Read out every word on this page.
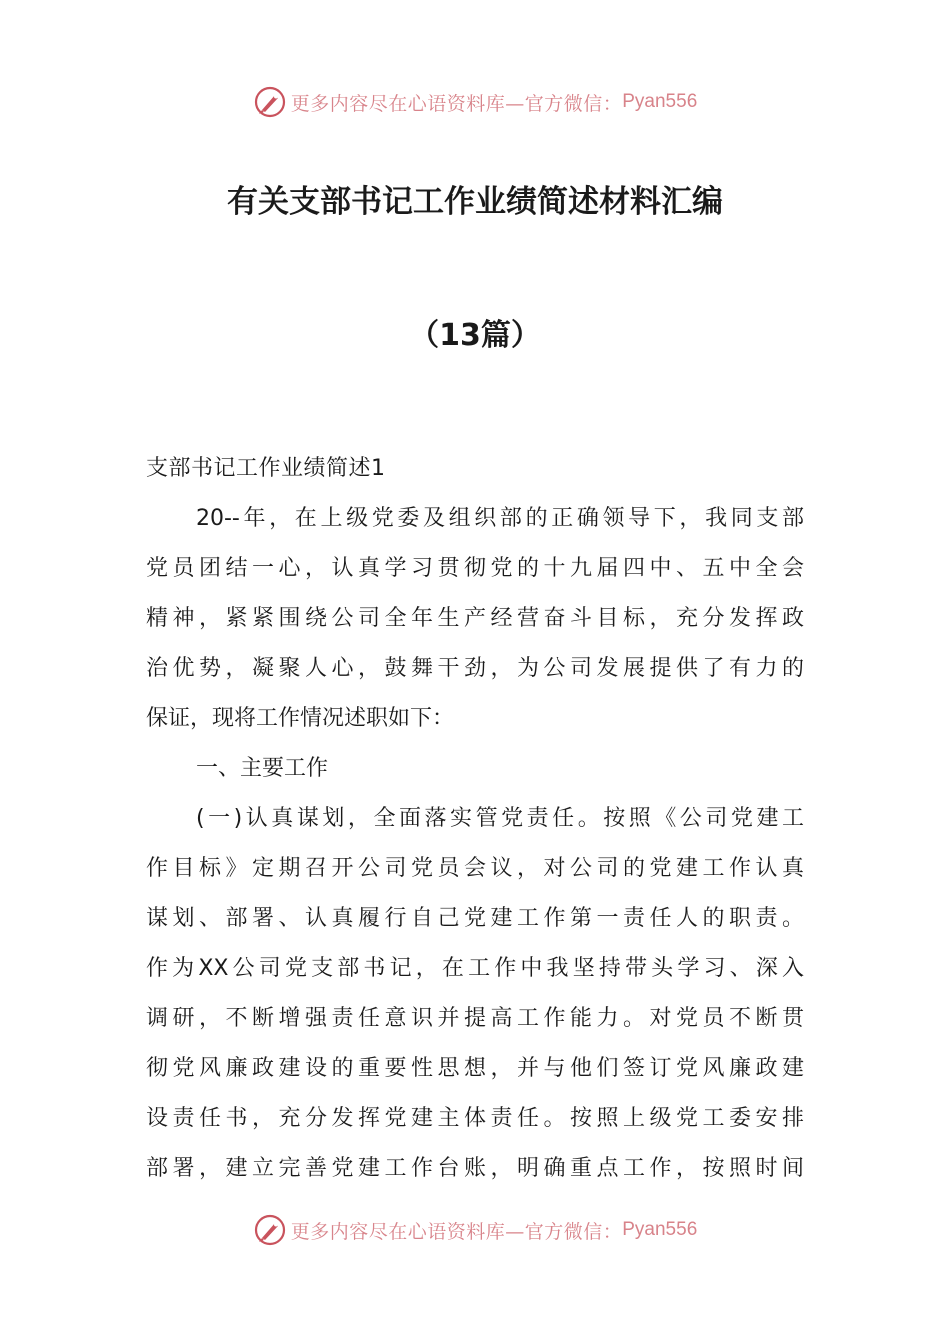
更多内容尽在心语资料库—官方微信： Pyan556
有关支部书记工作业绩简述材料汇编
（13篇）
支部书记工作业绩简述1
20--年，在上级党委及组织部的正确领导下，我同支部
党员团结一心，认真学习贯彻党的十九届四中、五中全会
精神，紧紧围绕公司全年生产经营奋斗目标，充分发挥政
治优势，凝聚人心，鼓舞干劲，为公司发展提供了有力的
保证，现将工作情况述职如下：
一、主要工作
(一)认真谋划，全面落实管党责任。按照《公司党建工
作目标》定期召开公司党员会议，对公司的党建工作认真
谋划、部署、认真履行自己党建工作第一责任人的职责。
作为XX公司党支部书记，在工作中我坚持带头学习、深入
调研，不断增强责任意识并提高工作能力。对党员不断贯
彻党风廉政建设的重要性思想，并与他们签订党风廉政建
设责任书，充分发挥党建主体责任。按照上级党工委安排
部署，建立完善党建工作台账，明确重点工作，按照时间
更多内容尽在心语资料库—官方微信： Pyan556
